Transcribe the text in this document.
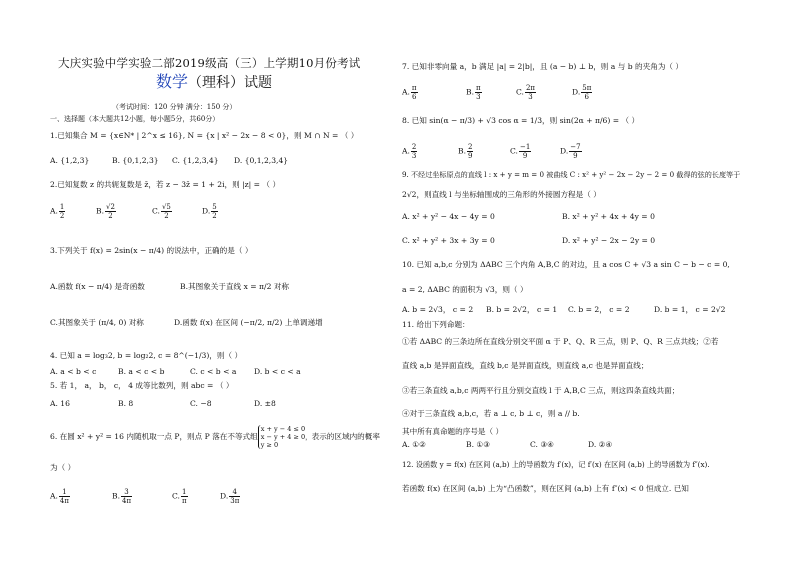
大庆实验中学实验二部2019级高（三）上学期10月份考试
数学（理科）试题
（考试时间：120 分钟 满分：150 分）
一、选择题（本大题共12小题，每小题5分，共60分）
1.已知集合 M = {x∈N* | 2^x ≤ 16}, N = {x | x² − 2x − 8 < 0}，则 M ∩ N = （ ）
A. {1,2,3}	B. {0,1,2,3} C. {1,2,3,4} D. {0,1,2,3,4}
2.已知复数 z 的共轭复数是 z̄，若 z − 3z̄ = 1 + 2i，则 |z| = （ ）
A. $\frac{1}{2}$	B. $\frac{√2}{2}$	C. $\frac{√5}{2}$	D. $\frac{5}{2}$
3.下列关于 f(x) = 2sin(x − π/4) 的说法中，正确的是（ ）
A.函数 f(x − π/4) 是奇函数	B.其图象关于直线 x = π/2 对称
C.其图象关于 (π/4, 0) 对称	D.函数 f(x) 在区间 (−π/2, π/2) 上单调递增
4. 已知 a = log₃2, b = log₂2, c = 8^(−1/3)，则（ ）
A. a < b < c	B. a < c < b	C. c < b < a D. b < c < a
5. 若 1， a， b， c， 4 成等比数列，则 abc = （ ）
A. 16	B. 8	C. −8	D. ±8
6. 在圆 x² + y² = 16 内随机取一点 P，则点 P 落在不等式组
x + y − 4 ≤ 0
x − y + 4 ≥ 0，
y ≥ 0
表示的区域内的概率
为（ ）
A. $\frac{1}{4\pi}$	B. $\frac{3}{4\pi}$	C. $\frac{1}{\pi}$	D. $\frac{4}{3\pi}$
7. 已知非零向量 a，b 满足 |a| = 2|b|，且 (a − b) ⊥ b，则 a 与 b 的夹角为（ ）
A. $\frac{\pi}{6}$	B. $\frac{\pi}{3}$	C. $\frac{2\pi}{3}$	D. $\frac{5\pi}{6}$
8. 已知 sin(α − π/3) + √3 cos α = 1/3，则 sin(2α + π/6) = （ ）
A. $\frac{2}{3}$	B. $\frac{2}{9}$	C. $\frac{-1}{9}$	D. $\frac{-7}{9}$
9. 不经过坐标原点的直线 l : x + y = m = 0 被曲线 C : x² + y² − 2x − 2y − 2 = 0 截得的弦的长度等于
2√2，则直线 l 与坐标轴围成的三角形的外接圆方程是（ ）
A. x² + y² − 4x − 4y = 0	B. x² + y² + 4x + 4y = 0
C. x² + y² + 3x + 3y = 0	D. x² + y² − 2x − 2y = 0
10. 已知 a,b,c 分别为 ΔABC 三个内角 A,B,C 的对边，且 a cos C + √3 a sin C − b − c = 0,
a = 2, ΔABC 的面积为 √3，则（ ）
A. b = 2√3， c = 2 B. b = 2√2， c = 1 C. b = 2， c = 2	D. b = 1， c = 2√2
11. 给出下列命题：
①若 ΔABC 的三条边所在直线分别交平面 α 于 P、Q、R 三点，则 P、Q、R 三点共线；②若
直线 a,b 是异面直线，直线 b,c 是异面直线，则直线 a,c 也是异面直线；
③若三条直线 a,b,c 两两平行且分别交直线 l 于 A,B,C 三点，则这四条直线共面；
④对于三条直线 a,b,c，若 a ⊥ c, b ⊥ c，则 a // b.
其中所有真命题的序号是（ ）
A. ①②	B. ①③	C. ③④	D. ②④
12. 设函数 y = f(x) 在区间 (a,b) 上的导函数为 f′(x)，记 f′(x) 在区间 (a,b) 上的导函数为 f″(x).
若函数 f(x) 在区间 (a,b) 上为“凸函数”，则在区间 (a,b) 上有 f″(x) < 0 恒成立. 已知
